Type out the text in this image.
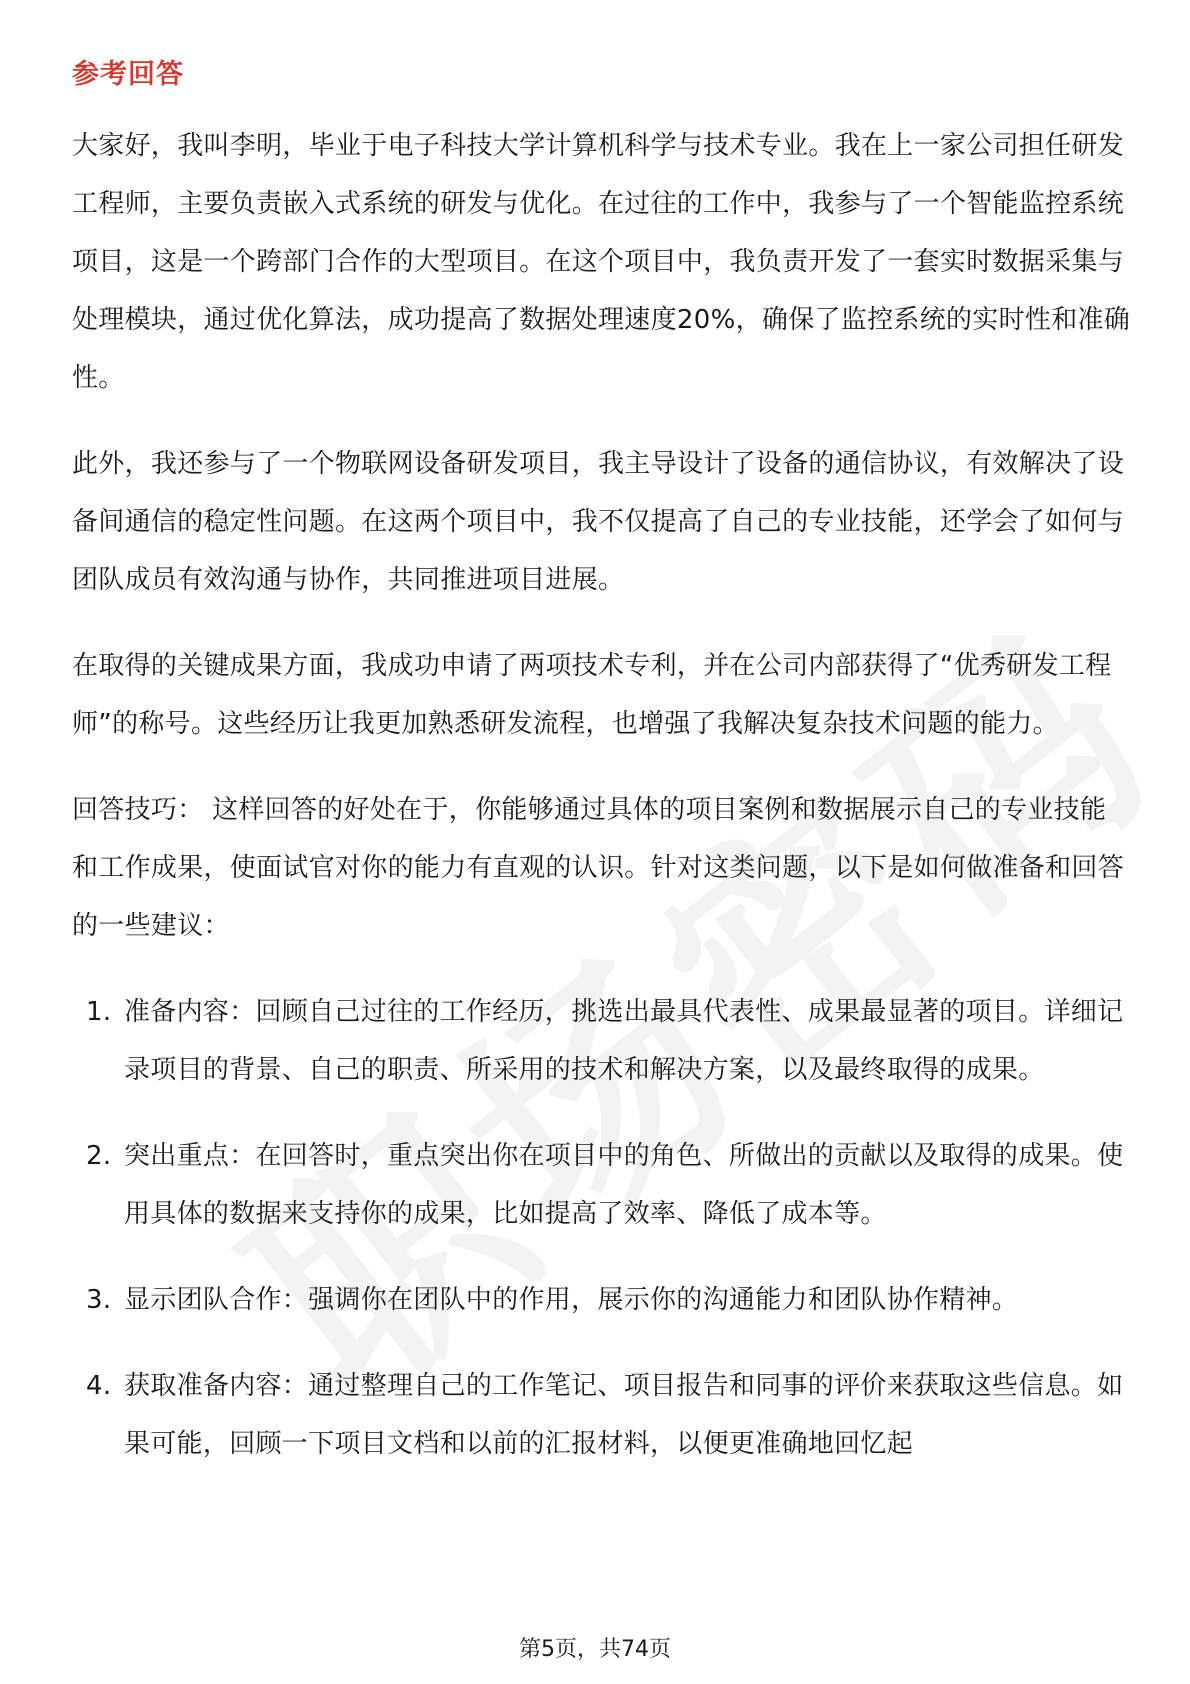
参考回答

大家好，我叫李明，毕业于电子科技大学计算机科学与技术专业。我在上一家公司担任研发工程师，主要负责嵌入式系统的研发与优化。在过往的工作中，我参与了一个智能监控系统项目，这是一个跨部门合作的大型项目。在这个项目中，我负责开发了一套实时数据采集与处理模块，通过优化算法，成功提高了数据处理速度20%，确保了监控系统的实时性和准确性。

此外，我还参与了一个物联网设备研发项目，我主导设计了设备的通信协议，有效解决了设备间通信的稳定性问题。在这两个项目中，我不仅提高了自己的专业技能，还学会了如何与团队成员有效沟通与协作，共同推进项目进展。

在取得的关键成果方面，我成功申请了两项技术专利，并在公司内部获得了“优秀研发工程师”的称号。这些经历让我更加熟悉研发流程，也增强了我解决复杂技术问题的能力。

回答技巧： 这样回答的好处在于，你能够通过具体的项目案例和数据展示自己的专业技能和工作成果，使面试官对你的能力有直观的认识。针对这类问题，以下是如何做准备和回答的一些建议：

1. 准备内容：回顾自己过往的工作经历，挑选出最具代表性、成果最显著的项目。详细记录项目的背景、自己的职责、所采用的技术和解决方案，以及最终取得的成果。
2. 突出重点：在回答时，重点突出你在项目中的角色、所做出的贡献以及取得的成果。使用具体的数据来支持你的成果，比如提高了效率、降低了成本等。
3. 显示团队合作：强调你在团队中的作用，展示你的沟通能力和团队协作精神。
4. 获取准备内容：通过整理自己的工作笔记、项目报告和同事的评价来获取这些信息。如果可能，回顾一下项目文档和以前的汇报材料，以便更准确地回忆起
第5页，共74页
